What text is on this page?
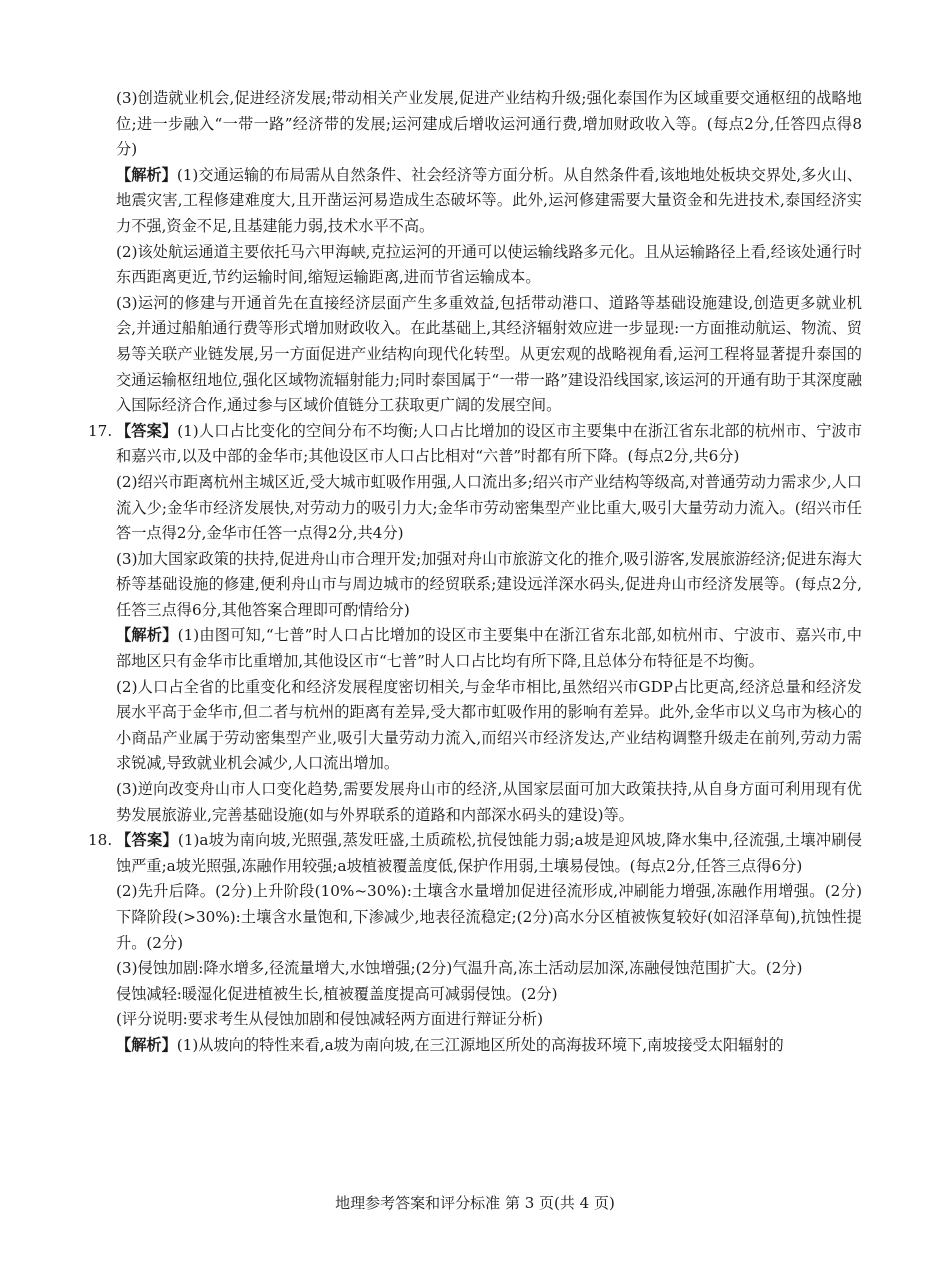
(3)创造就业机会,促进经济发展;带动相关产业发展,促进产业结构升级;强化泰国作为区域重要交通枢纽的战略地位;进一步融入“一带一路”经济带的发展;运河建成后增收运河通行费,增加财政收入等。(每点2分,任答四点得8分)

【解析】(1)交通运输的布局需从自然条件、社会经济等方面分析。从自然条件看,该地地处板块交界处,多火山、地震灾害,工程修建难度大,且开凿运河易造成生态破坏等。此外,运河修建需要大量资金和先进技术,泰国经济实力不强,资金不足,且基建能力弱,技术水平不高。

(2)该处航运通道主要依托马六甲海峡,克拉运河的开通可以使运输线路多元化。且从运输路径上看,经该处通行时东西距离更近,节约运输时间,缩短运输距离,进而节省运输成本。

(3)运河的修建与开通首先在直接经济层面产生多重效益,包括带动港口、道路等基础设施建设,创造更多就业机会,并通过船舶通行费等形式增加财政收入。在此基础上,其经济辐射效应进一步显现:一方面推动航运、物流、贸易等关联产业链发展,另一方面促进产业结构向现代化转型。从更宏观的战略视角看,运河工程将显著提升泰国的交通运输枢纽地位,强化区域物流辐射能力;同时泰国属于“一带一路”建设沿线国家,该运河的开通有助于其深度融入国际经济合作,通过参与区域价值链分工获取更广阔的发展空间。

17. 【答案】(1)人口占比变化的空间分布不均衡;人口占比增加的设区市主要集中在浙江省东北部的杭州市、宁波市和嘉兴市,以及中部的金华市;其他设区市人口占比相对“六普”时都有所下降。(每点2分,共6分)

(2)绍兴市距离杭州主城区近,受大城市虹吸作用强,人口流出多;绍兴市产业结构等级高,对普通劳动力需求少,人口流入少;金华市经济发展快,对劳动力的吸引力大;金华市劳动密集型产业比重大,吸引大量劳动力流入。(绍兴市任答一点得2分,金华市任答一点得2分,共4分)

(3)加大国家政策的扶持,促进舟山市合理开发;加强对舟山市旅游文化的推介,吸引游客,发展旅游经济;促进东海大桥等基础设施的修建,便利舟山市与周边城市的经贸联系;建设远洋深水码头,促进舟山市经济发展等。(每点2分,任答三点得6分,其他答案合理即可酌情给分)

【解析】(1)由图可知,“七普”时人口占比增加的设区市主要集中在浙江省东北部,如杭州市、宁波市、嘉兴市,中部地区只有金华市比重增加,其他设区市“七普”时人口占比均有所下降,且总体分布特征是不均衡。

(2)人口占全省的比重变化和经济发展程度密切相关,与金华市相比,虽然绍兴市GDP占比更高,经济总量和经济发展水平高于金华市,但二者与杭州的距离有差异,受大都市虹吸作用的影响有差异。此外,金华市以义乌市为核心的小商品产业属于劳动密集型产业,吸引大量劳动力流入,而绍兴市经济发达,产业结构调整升级走在前列,劳动力需求锐减,导致就业机会减少,人口流出增加。

(3)逆向改变舟山市人口变化趋势,需要发展舟山市的经济,从国家层面可加大政策扶持,从自身方面可利用现有优势发展旅游业,完善基础设施(如与外界联系的道路和内部深水码头的建设)等。

18. 【答案】(1)a坡为南向坡,光照强,蒸发旺盛,土质疏松,抗侵蚀能力弱;a坡是迎风坡,降水集中,径流强,土壤冲刷侵蚀严重;a坡光照强,冻融作用较强;a坡植被覆盖度低,保护作用弱,土壤易侵蚀。(每点2分,任答三点得6分)

(2)先升后降。(2分)上升阶段(10%~30%):土壤含水量增加促进径流形成,冲刷能力增强,冻融作用增强。(2分)下降阶段(>30%):土壤含水量饱和,下渗减少,地表径流稳定;(2分)高水分区植被恢复较好(如沼泽草甸),抗蚀性提升。(2分)

(3)侵蚀加剧:降水增多,径流量增大,水蚀增强;(2分)气温升高,冻土活动层加深,冻融侵蚀范围扩大。(2分)

侵蚀减轻:暖湿化促进植被生长,植被覆盖度提高可减弱侵蚀。(2分)

(评分说明:要求考生从侵蚀加剧和侵蚀减轻两方面进行辩证分析)

【解析】(1)从坡向的特性来看,a坡为南向坡,在三江源地区所处的高海拔环境下,南坡接受太阳辐射的

地理参考答案和评分标准 第 3 页(共 4 页)
